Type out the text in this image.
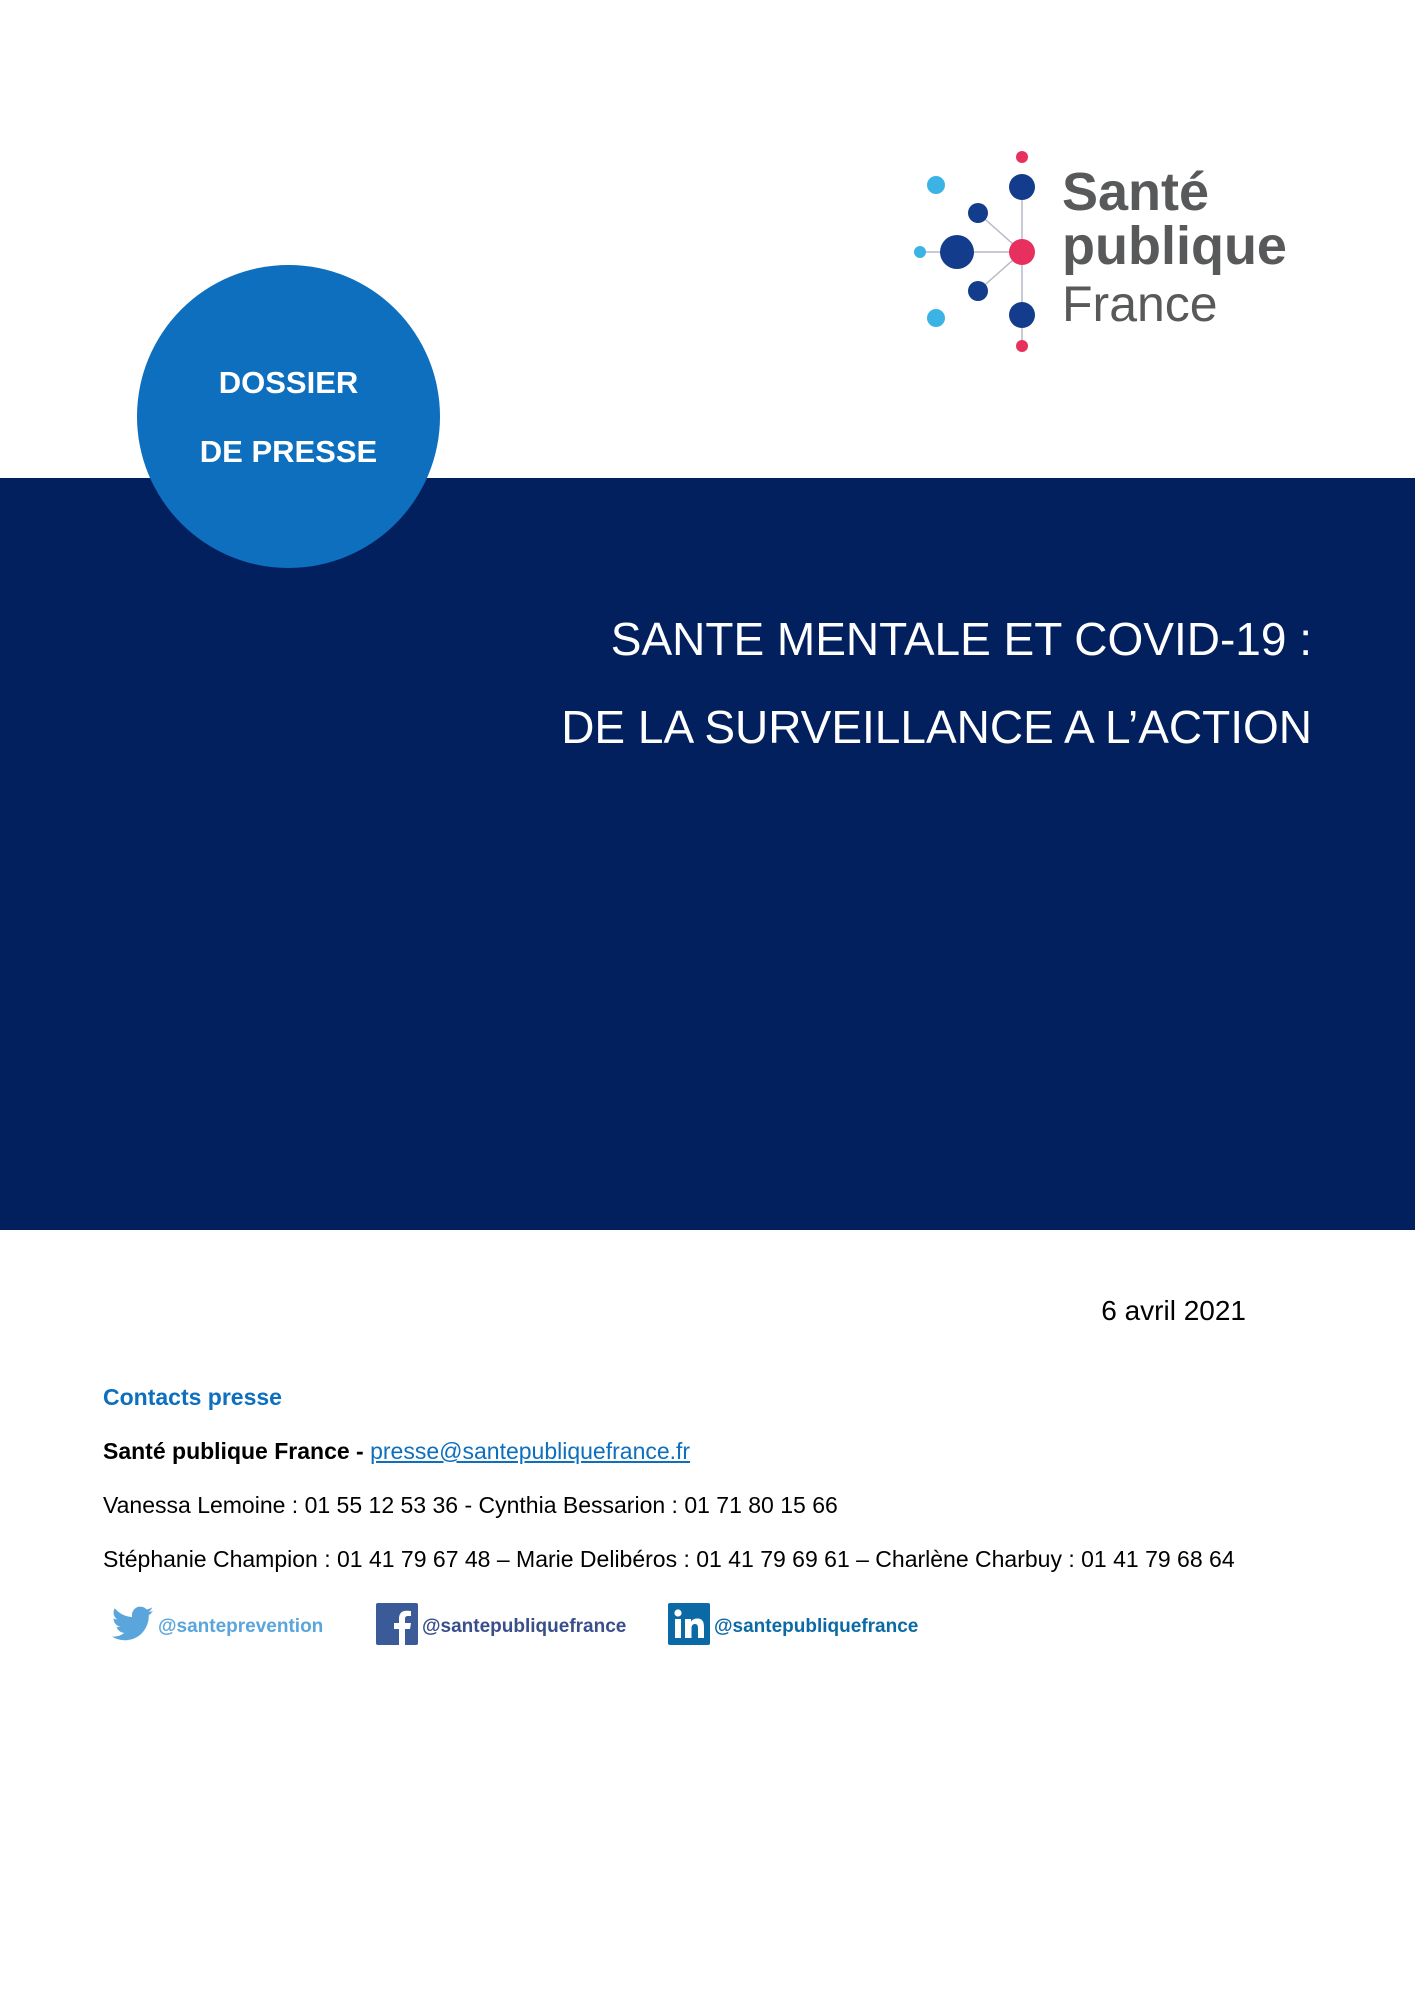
Santé
publique
France
SANTE MENTALE ET COVID-19 :
DE LA SURVEILLANCE A L’ACTION
DOSSIER
DE PRESSE
6 avril 2021
Contacts presse
Santé publique France - presse@santepubliquefrance.fr
Vanessa Lemoine : 01 55 12 53 36 - Cynthia Bessarion : 01 71 80 15 66
Stéphanie Champion : 01 41 79 67 48 – Marie Delibéros : 01 41 79 69 61 – Charlène Charbuy : 01 41 79 68 64
@santeprevention	@santepubliquefrance	@santepubliquefrance
